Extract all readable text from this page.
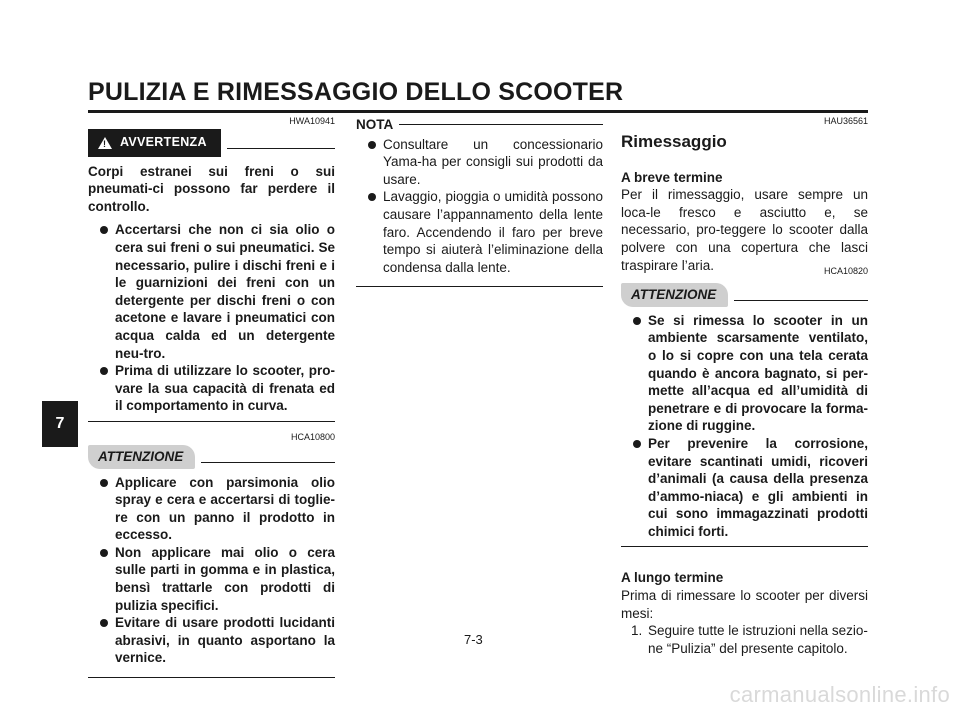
PULIZIA E RIMESSAGGIO DELLO SCOOTER
7
HWA10941
! AVVERTENZA

Corpi estranei sui freni o sui pneumati-ci possono far perdere il controllo.

Accertarsi che non ci sia olio o cera sui freni o sui pneumatici. Se necessario, pulire i dischi freni e i le guarnizioni dei freni con un detergente per dischi freni o con acetone e lavare i pneumatici con acqua calda ed un detergente neu-tro.
Prima di utilizzare lo scooter, pro-vare la sua capacità di frenata ed il comportamento in curva.
HCA10800
ATTENZIONE
Applicare con parsimonia olio spray e cera e accertarsi di toglie-re con un panno il prodotto in eccesso.
Non applicare mai olio o cera sulle parti in gomma e in plastica, bensì trattarle con prodotti di pulizia specifici.
Evitare di usare prodotti lucidanti abrasivi, in quanto asportano la vernice.
NOTA
Consultare un concessionario Yama-ha per consigli sui prodotti da usare.
Lavaggio, pioggia o umidità possono causare l’appannamento della lente faro. Accendendo il faro per breve tempo si aiuterà l’eliminazione della condensa dalla lente.
HAU36561
Rimessaggio

A breve termine

Per il rimessaggio, usare sempre un loca-le fresco e asciutto e, se necessario, pro-teggere lo scooter dalla polvere con una copertura che lasci traspirare l’aria.	HCA10820
ATTENZIONE
Se si rimessa lo scooter in un ambiente scarsamente ventilato, o lo si copre con una tela cerata quando è ancora bagnato, si per-mette all’acqua ed all’umidità di penetrare e di provocare la forma-zione di ruggine.
Per prevenire la corrosione, evitare scantinati umidi, ricoveri d’animali (a causa della presenza d’ammo-niaca) e gli ambienti in cui sono immagazzinati prodotti chimici forti.

A lungo termine

Prima di rimessare lo scooter per diversi mesi:

1. Seguire tutte le istruzioni nella sezio-ne “Pulizia” del presente capitolo.
7-3
carmanualsonline.info
